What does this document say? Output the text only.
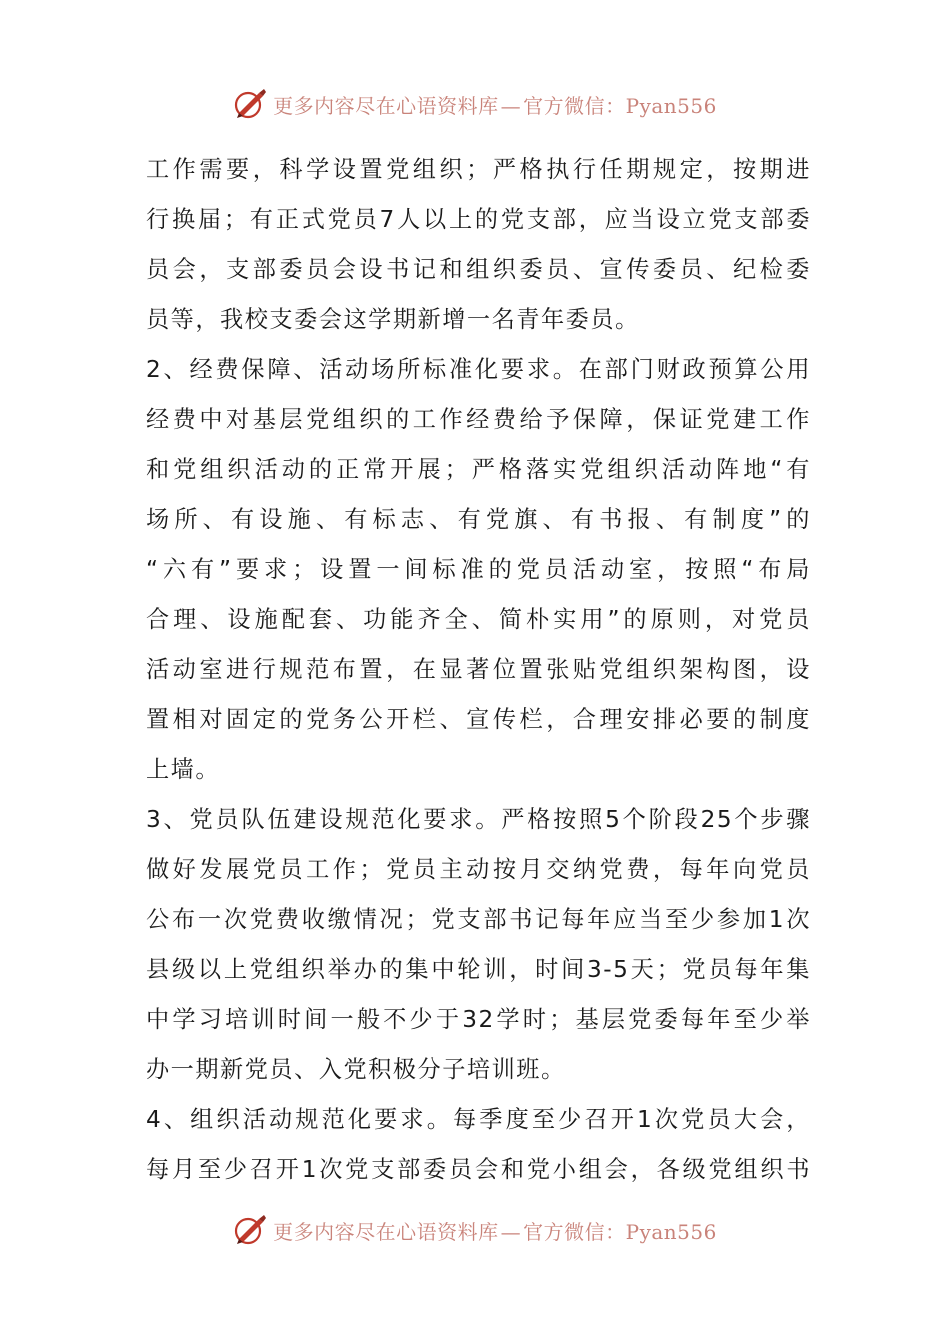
更多内容尽在心语资料库 — 官方微信：Pyan556
工作需要，科学设置党组织；严格执行任期规定，按期进
行换届；有正式党员7人以上的党支部，应当设立党支部委
员会，支部委员会设书记和组织委员、宣传委员、纪检委
员等，我校支委会这学期新增一名青年委员。
2、经费保障、活动场所标准化要求。在部门财政预算公用
经费中对基层党组织的工作经费给予保障，保证党建工作
和党组织活动的正常开展；严格落实党组织活动阵地“有
场所、有设施、有标志、有党旗、有书报、有制度”的
“六有”要求；设置一间标准的党员活动室，按照“布局
合理、设施配套、功能齐全、简朴实用”的原则，对党员
活动室进行规范布置，在显著位置张贴党组织架构图，设
置相对固定的党务公开栏、宣传栏，合理安排必要的制度
上墙。
3、党员队伍建设规范化要求。严格按照5个阶段25个步骤
做好发展党员工作；党员主动按月交纳党费，每年向党员
公布一次党费收缴情况；党支部书记每年应当至少参加1次
县级以上党组织举办的集中轮训，时间3-5天；党员每年集
中学习培训时间一般不少于32学时；基层党委每年至少举
办一期新党员、入党积极分子培训班。
4、组织活动规范化要求。每季度至少召开1次党员大会，
每月至少召开1次党支部委员会和党小组会，各级党组织书
更多内容尽在心语资料库 — 官方微信：Pyan556
